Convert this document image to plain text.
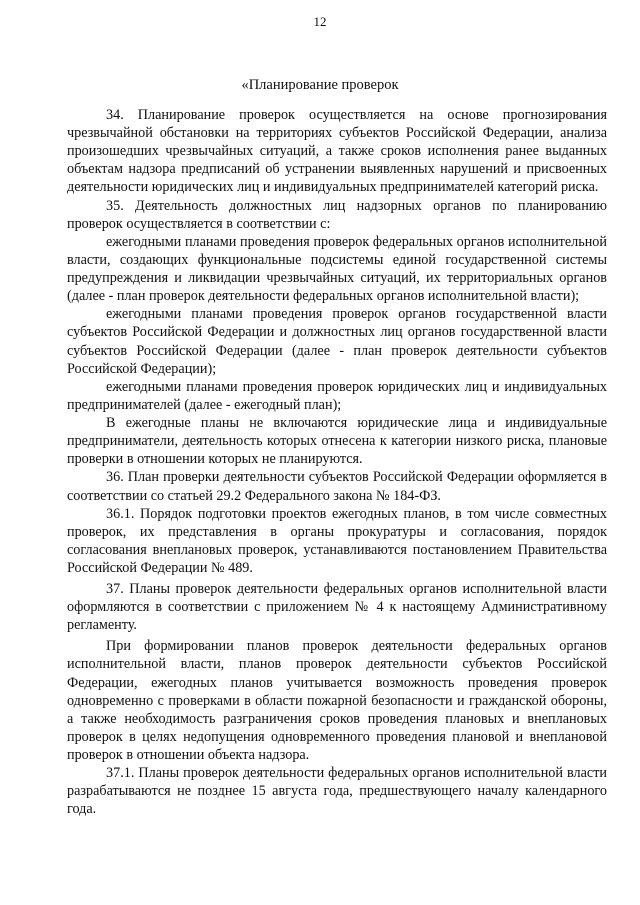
12
«Планирование проверок

34. Планирование проверок осуществляется на основе прогнозирования чрезвычайной обстановки на территориях субъектов Российской Федерации, анализа произошедших чрезвычайных ситуаций, а также сроков исполнения ранее выданных объектам надзора предписаний об устранении выявленных нарушений и присвоенных деятельности юридических лиц и индивидуальных предпринимателей категорий риска.

35. Деятельность должностных лиц надзорных органов по планированию проверок осуществляется в соответствии с:

ежегодными планами проведения проверок федеральных органов исполнительной власти, создающих функциональные подсистемы единой государственной системы предупреждения и ликвидации чрезвычайных ситуаций, их территориальных органов (далее - план проверок деятельности федеральных органов исполнительной власти);

ежегодными планами проведения проверок органов государственной власти субъектов Российской Федерации и должностных лиц органов государственной власти субъектов Российской Федерации (далее - план проверок деятельности субъектов Российской Федерации);

ежегодными планами проведения проверок юридических лиц и индивидуальных предпринимателей (далее - ежегодный план);

В ежегодные планы не включаются юридические лица и индивидуальные предприниматели, деятельность которых отнесена к категории низкого риска, плановые проверки в отношении которых не планируются.

36. План проверки деятельности субъектов Российской Федерации оформляется в соответствии со статьей 29.2 Федерального закона № 184-ФЗ.

36.1. Порядок подготовки проектов ежегодных планов, в том числе совместных проверок, их представления в органы прокуратуры и согласования, порядок согласования внеплановых проверок, устанавливаются постановлением Правительства Российской Федерации № 489.

37. Планы проверок деятельности федеральных органов исполнительной власти оформляются в соответствии с приложением № 4 к настоящему Административному регламенту.

При формировании планов проверок деятельности федеральных органов исполнительной власти, планов проверок деятельности субъектов Российской Федерации, ежегодных планов учитывается возможность проведения проверок одновременно с проверками в области пожарной безопасности и гражданской обороны, а также необходимость разграничения сроков проведения плановых и внеплановых проверок в целях недопущения одновременного проведения плановой и внеплановой проверок в отношении объекта надзора.

37.1. Планы проверок деятельности федеральных органов исполнительной власти разрабатываются не позднее 15 августа года, предшествующего началу календарного года.
